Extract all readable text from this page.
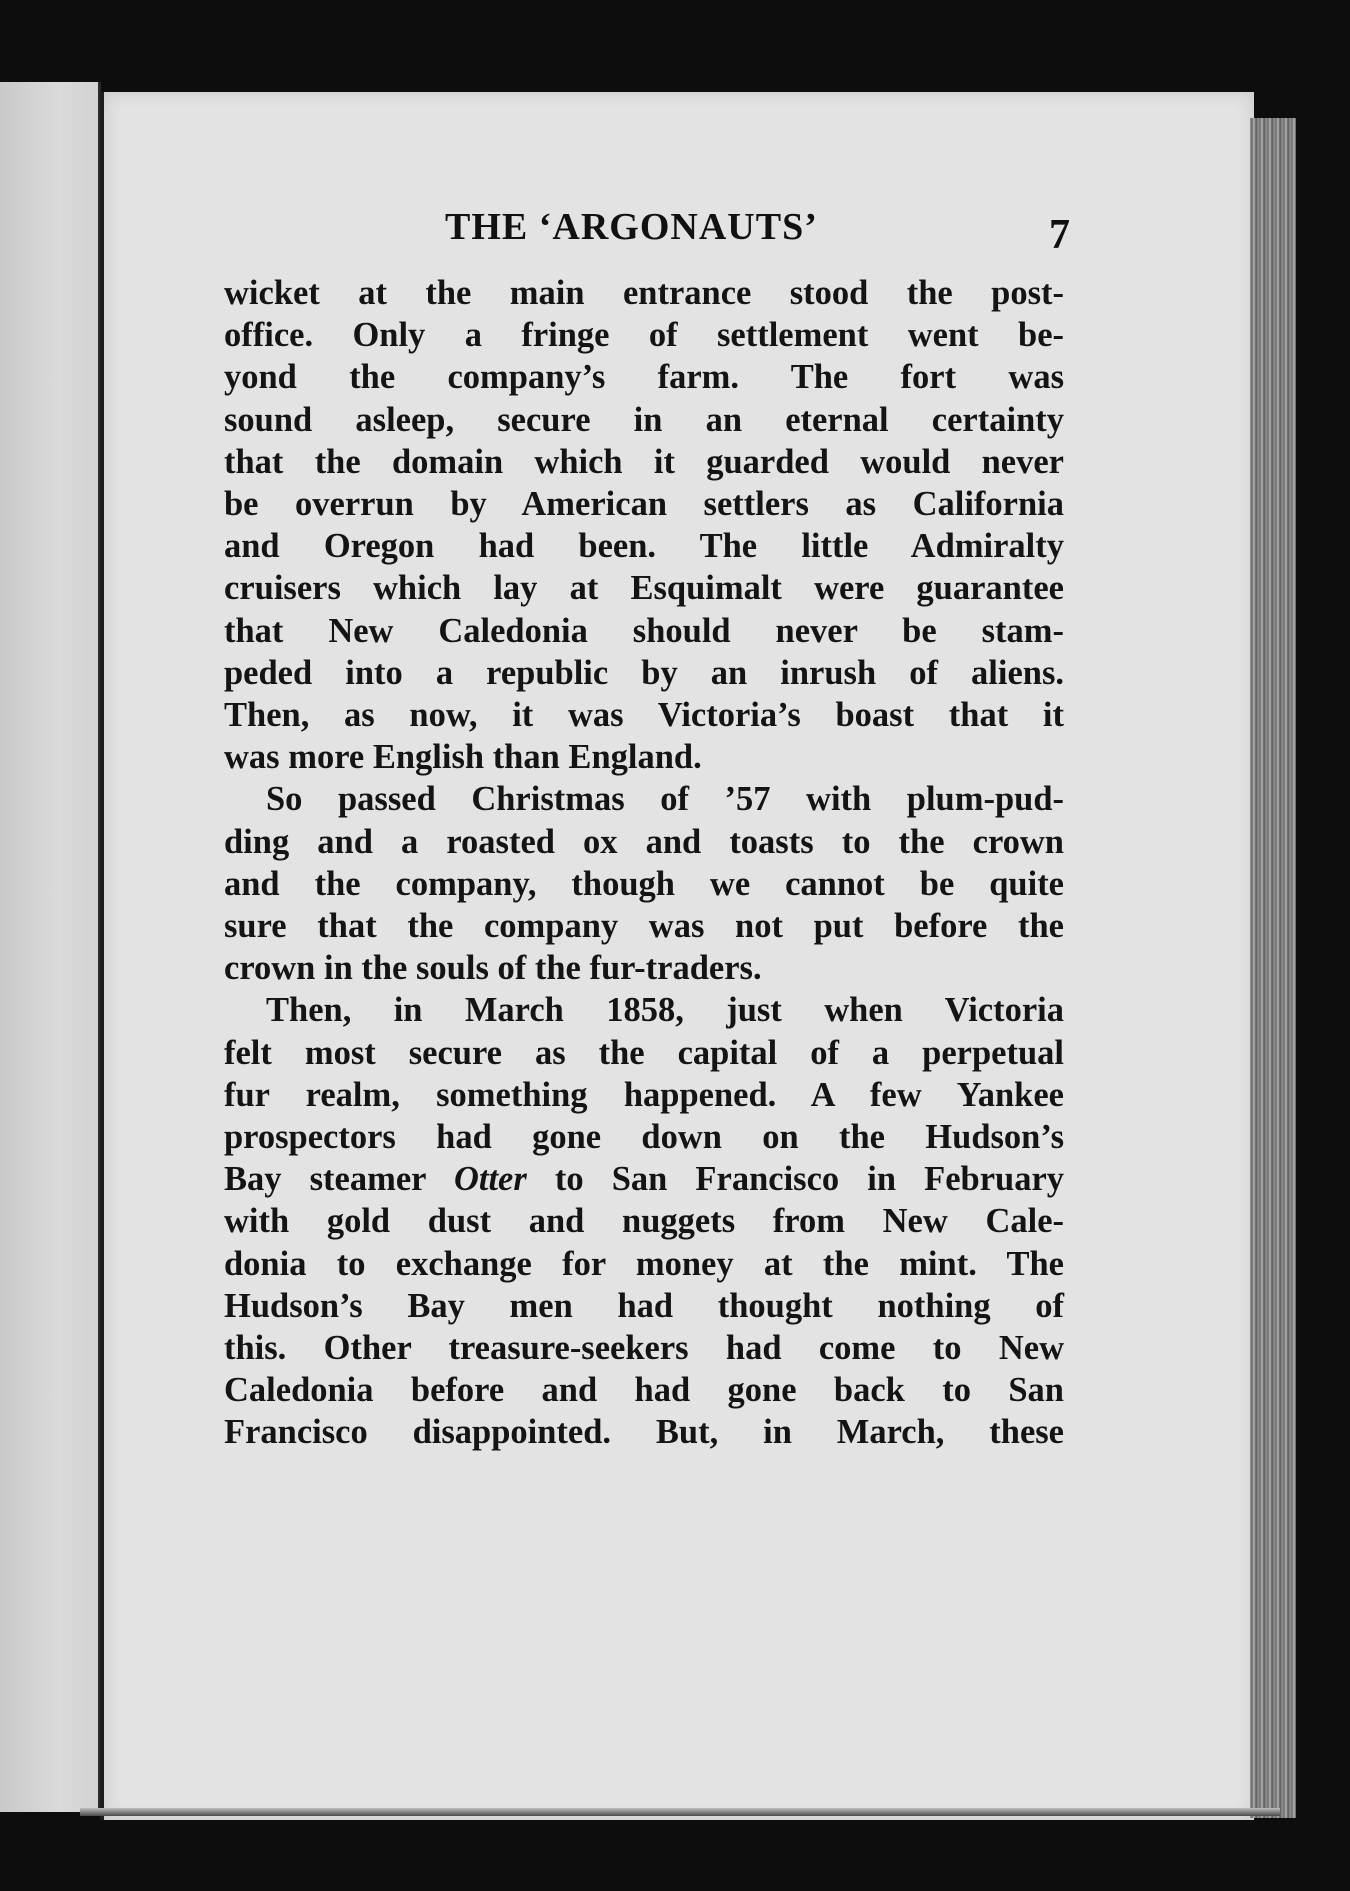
THE ‘ARGONAUTS’	7
wicket at the main entrance stood the post-
office. Only a fringe of settlement went be-
yond the company’s farm. The fort was
sound asleep, secure in an eternal certainty
that the domain which it guarded would never
be overrun by American settlers as California
and Oregon had been. The little Admiralty
cruisers which lay at Esquimalt were guarantee
that New Caledonia should never be stam-
peded into a republic by an inrush of aliens.
Then, as now, it was Victoria’s boast that it
was more English than England.
So passed Christmas of ’57 with plum-pud-
ding and a roasted ox and toasts to the crown
and the company, though we cannot be quite
sure that the company was not put before the
crown in the souls of the fur-traders.
Then, in March 1858, just when Victoria
felt most secure as the capital of a perpetual
fur realm, something happened. A few Yankee
prospectors had gone down on the Hudson’s
Bay steamer Otter to San Francisco in February
with gold dust and nuggets from New Cale-
donia to exchange for money at the mint. The
Hudson’s Bay men had thought nothing of
this. Other treasure-seekers had come to New
Caledonia before and had gone back to San
Francisco disappointed. But, in March, these
